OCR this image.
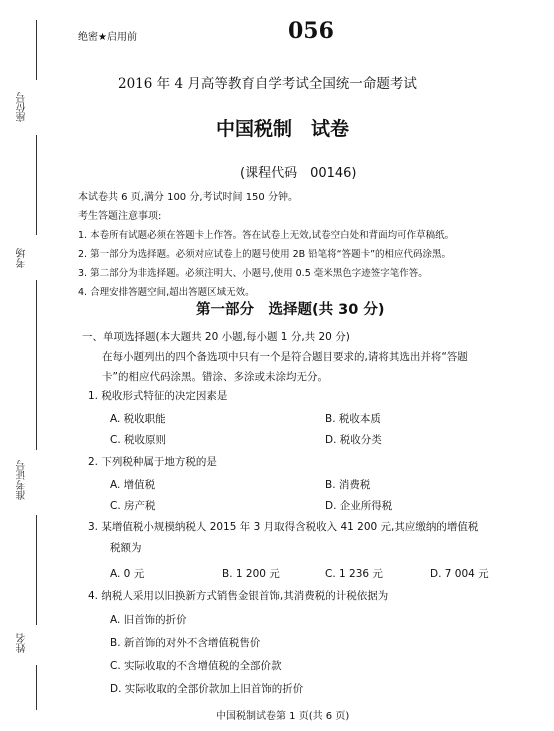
座位号
考场
准考证号
姓名
绝密★启用前	056
2016 年 4 月高等教育自学考试全国统一命题考试
中国税制　试卷
(课程代码　00146)
本试卷共 6 页,满分 100 分,考试时间 150 分钟。
考生答题注意事项:
1. 本卷所有试题必须在答题卡上作答。答在试卷上无效,试卷空白处和背面均可作草稿纸。
2. 第一部分为选择题。必须对应试卷上的题号使用 2B 铅笔将“答题卡”的相应代码涂黑。
3. 第二部分为非选择题。必须注明大、小题号,使用 0.5 毫米黑色字迹签字笔作答。
4. 合理安排答题空间,超出答题区域无效。
第一部分　选择题(共 30 分)
一、单项选择题(本大题共 20 小题,每小题 1 分,共 20 分)
在每小题列出的四个备选项中只有一个是符合题目要求的,请将其选出并将“答题
卡”的相应代码涂黑。错涂、多涂或未涂均无分。
1. 税收形式特征的决定因素是
A. 税收职能	B. 税收本质
C. 税收原则	D. 税收分类
2. 下列税种属于地方税的是
A. 增值税	B. 消费税
C. 房产税	D. 企业所得税
3. 某增值税小规模纳税人 2015 年 3 月取得含税收入 41 200 元,其应缴纳的增值税
税额为
A. 0 元	B. 1 200 元	C. 1 236 元	D. 7 004 元
4. 纳税人采用以旧换新方式销售金银首饰,其消费税的计税依据为
A. 旧首饰的折价
B. 新首饰的对外不含增值税售价
C. 实际收取的不含增值税的全部价款
D. 实际收取的全部价款加上旧首饰的折价
中国税制试卷第 1 页(共 6 页)
